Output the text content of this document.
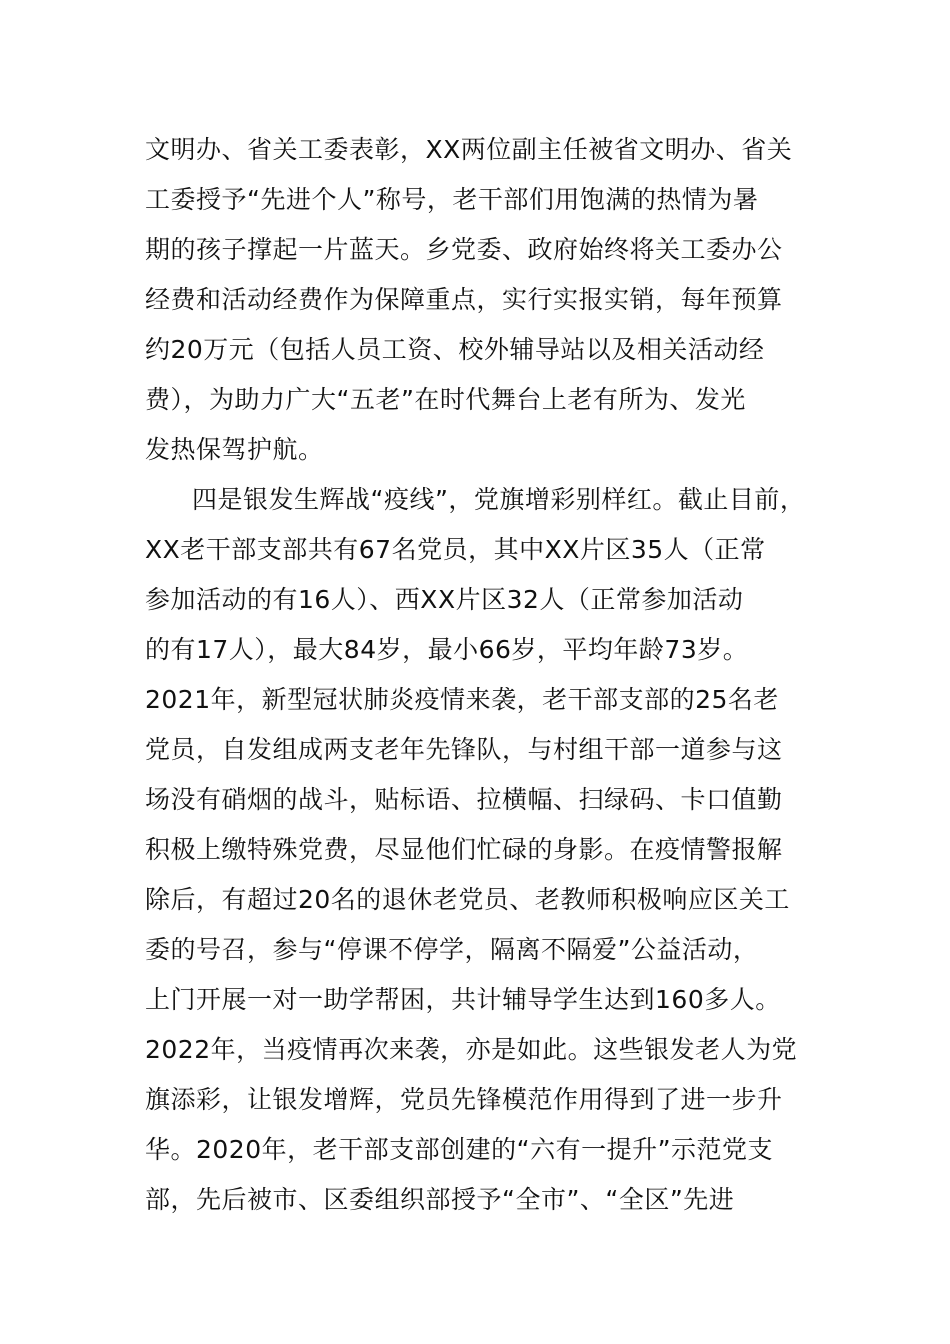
文明办、省关工委表彰，XX两位副主任被省文明办、省关
工委授予“先进个人”称号，老干部们用饱满的热情为暑
期的孩子撑起一片蓝天。乡党委、政府始终将关工委办公
经费和活动经费作为保障重点，实行实报实销，每年预算
约20万元（包括人员工资、校外辅导站以及相关活动经
费），为助力广大“五老”在时代舞台上老有所为、发光
发热保驾护航。
四是银发生辉战“疫线”，党旗增彩别样红。截止目前，
XX老干部支部共有67名党员，其中XX片区35人（正常
参加活动的有16人）、西XX片区32人（正常参加活动
的有17人），最大84岁，最小66岁，平均年龄73岁。
2021年，新型冠状肺炎疫情来袭，老干部支部的25名老
党员，自发组成两支老年先锋队，与村组干部一道参与这
场没有硝烟的战斗，贴标语、拉横幅、扫绿码、卡口值勤
积极上缴特殊党费，尽显他们忙碌的身影。在疫情警报解
除后，有超过20名的退休老党员、老教师积极响应区关工
委的号召，参与“停课不停学，隔离不隔爱”公益活动，
上门开展一对一助学帮困，共计辅导学生达到160多人。
2022年，当疫情再次来袭，亦是如此。这些银发老人为党
旗添彩，让银发增辉，党员先锋模范作用得到了进一步升
华。2020年，老干部支部创建的“六有一提升”示范党支
部，先后被市、区委组织部授予“全市”、“全区”先进
